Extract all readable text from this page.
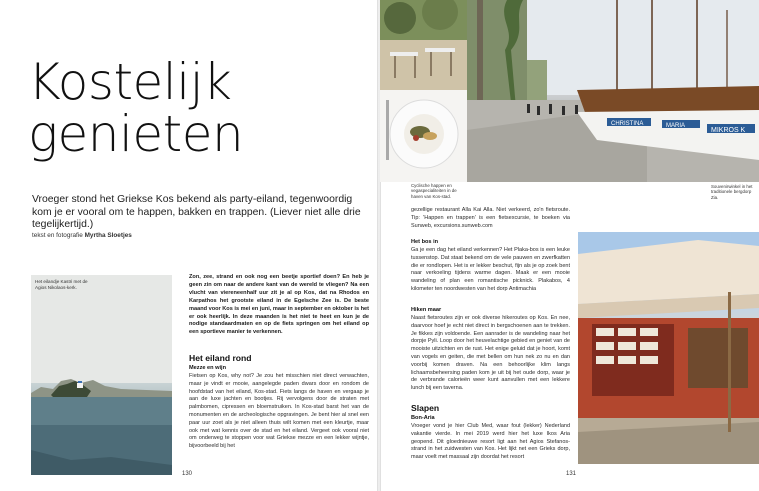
Kostelijk
genieten
Vroeger stond het Griekse Kos bekend als party-eiland, tegenwoordig kom je er vooral om te happen, bakken en trappen. (Liever niet alle drie tegelijkertijd.)
tekst en fotografie Myrtha Sloetjes
Het eilandje Kastri met de Agios Nikolaos-kerk.
Zon, zee, strand en ook nog een beetje sportief doen? En heb je geen zin om naar de andere kant van de wereld te vliegen? Na een vlucht van viereneenhalf uur zit je al op Kos, dat na Rhodos en Karpathos het grootste eiland in de Egeïsche Zee is. De beste maand voor Kos is mei en juni, maar in september en oktober is het er ook heerlijk. In deze maanden is het niet te heet en kun je de nodige standaardmaten en op de fiets springen om het eiland op een sportieve manier te verkennen.
Het eiland rond
Mezze en wijn
Fietsen op Kos, why not? Je zou het misschien niet direct verwachten, maar je vindt er mooie, aangelegde paden dwars door en rondom de hoofdstad van het eiland, Kos-stad. Fiets langs de haven en vergaap je aan de luxe jachten en bootjes. Rij vervolgens door de straten met palmbomen, cipressen en bloemstruiken. In Kos-stad barst het van de monumenten en de archeologische opgravingen. Je bent hier al snel een paar uur zoet als je niet alleen thuis wilt komen met een kleurtje, maar ook met wat kennis over de stad en het eiland. Vergeet ook vooral niet om onderweg te stoppen voor wat Griekse mezze en een lekker wijntje, bijvoorbeeld bij het
130
CHRISTINA	MARIA
MIKROS K
Cyclische happen en vegaspecialiteiten in de haven van Kos-stad.
Souvenirwinkel in het traditionele bergdorp Zia.
gezellige restaurant Alla Kai Alla. Niet verkeerd, zo'n fietsroute. Tip: 'Happen en trappen' is een fietsexcursie, te boeken via Sunweb, excursions.sunweb.com
Het bos in
Ga je een dag het eiland verkennen? Het Plaka-bos is een leuke tussenstop. Dat staat bekend om de vele pauwen en zwerfkatten die er rondlopen. Het is er lekker beschut, fijn als je op zoek bent naar verkoeling tijdens warme dagen. Maak er een mooie wandeling of plan een romantische picknick. Plakabos, 4 kilometer ten noordwesten van het dorp Antimachia
Hiken maar
Naast fietsroutes zijn er ook diverse hikeroutes op Kos. En nee, daarvoor hoef je echt niet direct in bergschoenen aan te trekken. Je fikkes zijn voldoende. Een aanrader is de wandeling naar het dorpje Pyli. Loop door het heuvelachtige gebied en geniet van de mooiste uitzichten en de rust. Het enige geluid dat je hoort, komt van vogels en geiten, die met bellen om hun nek zo nu en dan voorbij komen draven. Na een behoorlijke klim langs lichaamsbeheersing paden kom je uit bij het oude dorp, waar je de verbrande calorieën weer kunt aanvullen met een lekkere lunch bij een taverna.
Slapen
Bon-Aria
Vroeger vond je hier Club Med, waar fout (lekker) Nederland vakantie vierde. In mei 2019 werd hier het luxe Ikos Aria geopend. Dit gloednieuwe resort ligt aan het Agios Stefanos-strand in het zuidwesten van Kos. Het lijkt net een Grieks dorp, maar voelt met massaal zijn doordat het resort
131
